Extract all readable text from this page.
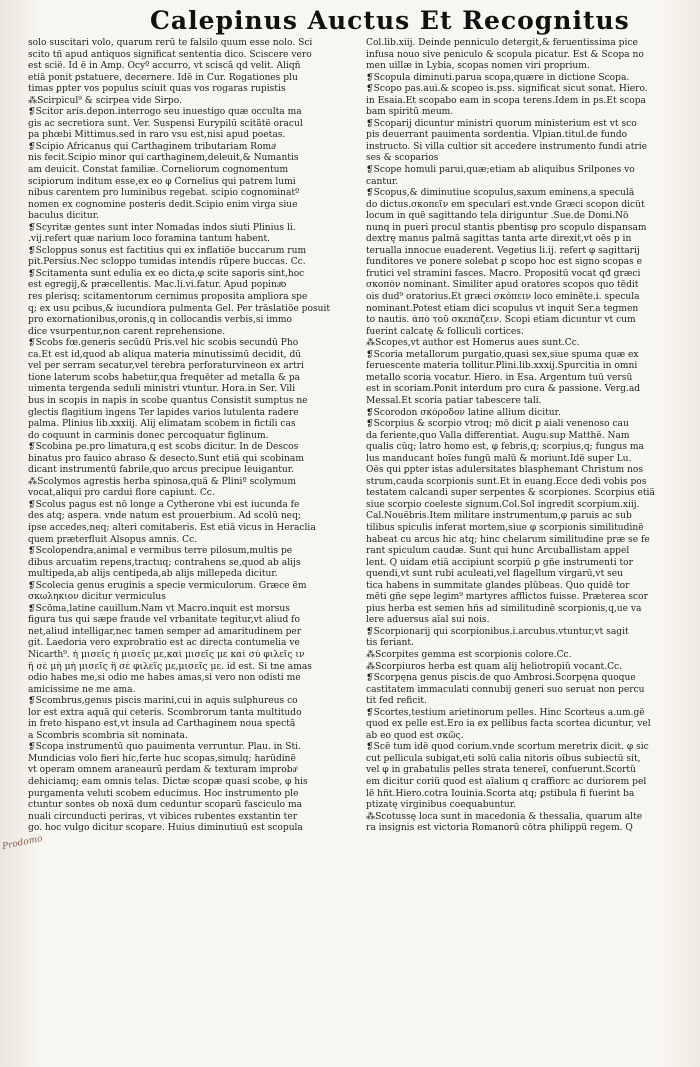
Calepinus Auctus Et Recognitus
Prodomo
solo suscitari volo, quarum rerū te falsilo quum esse nolo. Sci
scito tñ apud antiquos significat sententia dico. Sciscere vero
est sciẽ. Id ẽ in Amp. Ocyº accurro, vt sciscã qd velit. Aliqñ
etiã ponit ꝑstatuere, decernere. Idẽ in Cur. Rogationes plu
timas ꝑpter vos populus sciuit quas vos rogaras rupistis
⁂Scirpicul⁹ & scirpea vide Sirpo.
❡Scitor aris.depon.interrogo seu inuestigo quæ occulta ma
gis ac secretiora sunt. Ver. Suspensi Eurypilū scitãtẽ oracul
pa phœbi Mittimus.sed in raro vsu est,nisi apud poetas.
❡Scipio Africanus qui Carthaginem tributariam Romaͣ
nis fecit.Scipio minor qui carthaginem,deleuit,& Numantis
am deuicit. Constat familiæ. Corneliorum cognomentum
scipiorum inditum esse,ex eo φ Cornelius qui patrem lumi
nibus carentem pro luminibus regebat. scipio cognominatº
nomen ex cognomine posteris dedit.Scipio enim virga siue
baculus dicitur.
❡Scyritæ gentes sunt inter Nomadas indos siuti Plinius li.
.vij.refert quæ narium loco foramina tantum habent.
❡Scloppus sonus est factitius qui ex inflatiõe buccarum rum
pit.Persius.Nec scloppo tumidas intendis rūpere buccas. Cc.
❡Scitamenta sunt edulia ex eo dicta,φ scite saporis sint,hoc
est egregij,& præcellentis. Mac.li.vi.fatur. Apud popinaͤo
res plerisq; scitamentorum cernimus proposita ampliora spe
q; ex usu ꝑcibus,& iucundiora pulmenta Gel. Per trãslatiõe posuit
pro exornationibus,oronis,q in collocandis verbis,si immo
dice vsurpentur,non carent reprehensione.
❡Scobs fœ.generis secūdũ Pris.vel hic scobis secundū Pho
ca.Et est id,quod ab aliqua materia minutissimū decidit, dū
vel per serram secatur,vel terebra perforaturvineon ex artri
tione laterum scobs habetur,qua frequẽter ad metalla & pa
uimenta tergenda seduli ministri vtuntur. Hora.in Ser. Vili
bus in scopis in napis in scobe quantus Consistit sumptus ne
glectis flagitium ingens Ter lapides varios lutulenta radere
palma. Plinius lib.xxxiij. Alij elimatam scobem in fictili cas
do coquunt in carminis donec percoquatur figlinum.
❡Scobina pe.pro limatura,q est scobs dicitur. In de Descos
binatus pro fauico abraso & desecto.Sunt etiã qui scobinam
dicant instrumentū fabrile,quo arcus precipue leuigantur.
⁂Scolymos agrestis herba spinosa,quã & Pliniº scolymum
vocat,aliqui pro cardui flore capiunt. Cc.
❡Scolus pagus est nõ longe a Cytherone vbi est iucunda fe
des atq; aspera. vnde natum est prouerbium. Ad scolū neq;
ipse accedes,neq; alteri comitaberis. Est etiã vicus in Heraclia
quem præterfluit Alsopus amnis. Cc.
❡Scolopendra,animal e vermibus terre pilosum,multis pe
dibus arcuatim repens,tractuq; contrahens se,quod ab alijs
multipeda,ab alijs centipeda,ab alijs millepeda dicitur.
❡Scolecia genus eruginis a specie vermiculorum. Græce ẽm
σκωληκιον dicitur vermiculus
❡Scōma,latine cauillum.Nam vt Macro.inquit est morsus
figura tus qui sæpe fraude vel vrbanitate tegitur,vt aliud fo
net,aliud intelligar,nec tamen semper ad amaritudinem per
git. Laedoria vero exprobratio est ac directa contumelia ve
Nicarth⁹. ἡ μισεῖς ἡ μισεῖς με,καὶ μισεῖς με καὶ σὺ φιλεῖς ιν
ἢ σὲ μὴ μὴ μισεῖς ἢ σὲ φιλεῖς με,μισεῖς με. id est. Si tne amas
odio habes me,si odio me habes amas,si vero non odisti me
amicissime ne me ama.
❡Scombrus,genus piscis marini,cui in aquis sulphureus co
lor est extra aquã qui ceteris. Scombrorum tanta multitudo
in freto hispano est,vt insula ad Carthaginem noua spectã
a Scombris scombria sit nominata.
❡Scopa instrumentū quo pauimenta verruntur. Plau. in Sti.
Mundicias volo fieri hic,ferte huc scopas,simulq; harūdinẽ
vt operam omnem araneaurū perdam & texturam improbaͣ
dehiciamq; eam omnis telas. Dictæ scopæ quasi scobe, φ his
purgamenta veluti scobem educimus. Hoc instrumento ple
ctuntur sontes ob noxã dum ceduntur scoparū fasciculo ma
nuali circunducti periras, vt vibices rubentes exstantin ter
go. hoc vulgo dicitur scopare. Huius diminutiuū est scopula
Col.lib.xiij. Deinde penniculo detergit,& feruentissima pice
infusa nouo sive peniculo & scopula picatur. Est & Scopa no
men uillæ in Lybia, scopas nomen viri proprium.
❡Scopula diminuti.parua scopa,quære in dictione Scopa.
❡Scopo pas.aui.& scopeo is.pss. significat sicut sonat. Hiero.
in Esaia.Et scopabo eam in scopa terens.Idem in ps.Et scopa
bam spiritū meum.
❡Scoparij dicuntur ministri quorum ministerium est vt sco
pis deuerrant pauimenta sordentia. Vlpian.titul.de fundo
instructo. Si villa cultior sit accedere instrumento fundi atrie
ses & scoparios
❡Scope homuli parui,quæ;etiam ab aliquibus Srilpones vo
cantur.
❡Scopus,& diminutiue scopulus,saxum eminens,a speculã
do dictus.σκοπεῖν em speculari est.vnde Græci scopon dicũt
locum in quẽ sagittando tela diriguntur .Sue.de Domi.Nõ
nunq in pueri procul stantis pbentisφ pro scopulo dispansam
dextrę manus palmã sagittas tanta arte direxit,vt oẽs p in
terualla innocue euaderent. Vegetius li.ij. refert φ sagittarij
funditores ve ponere solebat ꝑ scopo hoc est signo scopas e
frutici vel stramini fasces. Macro. Propositū vocat qđ græci
σκοπὸν nominant. Similiter apud oratores scopos quo tẽdit
ois dud⁹ oratorius.Et græci σκόπειν loco eminẽte.i. specula
nominant.Potest etiam dici scopulus vt inquit Ser.a tegmen
to nautis. ἀπὸ τοῦ σκεπάζειν. Scopi etiam dicuntur vt cum
fuerint calcatę & folliculi cortices.
⁂Scopes,vt author est Homerus aues sunt.Cc.
❡Scoria metallorum purgatio,quasi sex,siue spuma quæ ex
feruescente materia tollitur.Plini.lib.xxxij.Spurcitia in omni
metallo scoria vocatur. Hiero. in Esa. Argentum tuū versū
est in scoriam.Ponit interdum pro cura & passione. Verg.ad
Messal.Et scoria patiar tabescere tali.
❡Scorodon σκόροδον latine allium dicitur.
❡Scorpius & scorpio vtroq; mõ dicit ꝑ aiali venenoso cau
da feriente,quo Valla differentiat. Augu.sup Matthẽ. Nam
qualis cũq; latro homo est, φ febris,q; scorpius,q; fungus ma
lus manducant hoĩes fungũ malũ & moriunt.Idẽ super Lu.
Oẽs qui ꝑpter istas adulersitates blasphemant Christum nos
strum,cauda scorpionis sunt.Et in euang.Ecce dedi vobis pos
testatem calcandi super serpentes & scorpiones. Scorpius etiã
siue scorpio coeleste signum.Col.Sol ingredit scorpium.xiij.
Cal.Nouẽbris.Item militare instrumentum,φ paruis ac sub
tilibus spiculis inferat mortem,siue φ scorpionis similitudinẽ
habeat cu arcus hic atq; hinc chelarum similitudine præ se fe
rant spiculum caudæ. Sunt qui hunc Arcuballistam appel
lent. Q uidam etiã accipiunt scorpiũ ꝑ gñe instrumenti tor
quendi,vt sunt rubi aculeati,vel flagellum virgarũ,vt seu
tica habens in summitate glandes plũbeas. Quo quidẽ tor
mẽti gñe sępe legim⁹ martyres afflictos fuisse. Præterea scor
pius herba est semen hñs ad similitudinẽ scorpionis,q,ue va
lere aduersus aĩal sui nois.
❡Scorpionarij qui scorpionibus.i.arcubus.vtuntur,vt sagit
tis feriant.
⁂Scorpites gemma est scorpionis colore.Cc.
⁂Scorpiuros herba est quam alij heliotropiũ vocant.Cc.
❡Scorpęna genus piscis.de quo Ambrosi.Scorpęna quoque
castitatem immaculati connubij generi suo seruat non percu
tit fed reficit.
❡Scortes,testium arietinorum pelles. Hinc Scorteus a.um.gẽ
quod ex pelle est.Ero ia ex pellibus facta scortea dicuntur, vel
ab eo quod est σκῶς.
❡Scẽ tum idẽ quod corium.vnde scortum meretrix dicit. φ sic
cut pellicula subigat,eti solũ calia nitoris oĩbus subiectũ sit,
vel φ in grabatulis pelles strata tenereĩ, confuerunt.Scortũ
em dicitur coriũ quod est aĩalium q craffiorc ac duriorem pel
lẽ hñt.Hiero.cotra Iouinia.Scorta atq; ꝑstibula fi fuerint ba
ptizatę virginibus coequabuntur.
⁂Scotussę loca sunt in macedonia & thessalia, quarum alte
ra insignis est victoria Romanorũ cõtra philippũ regem. Q
